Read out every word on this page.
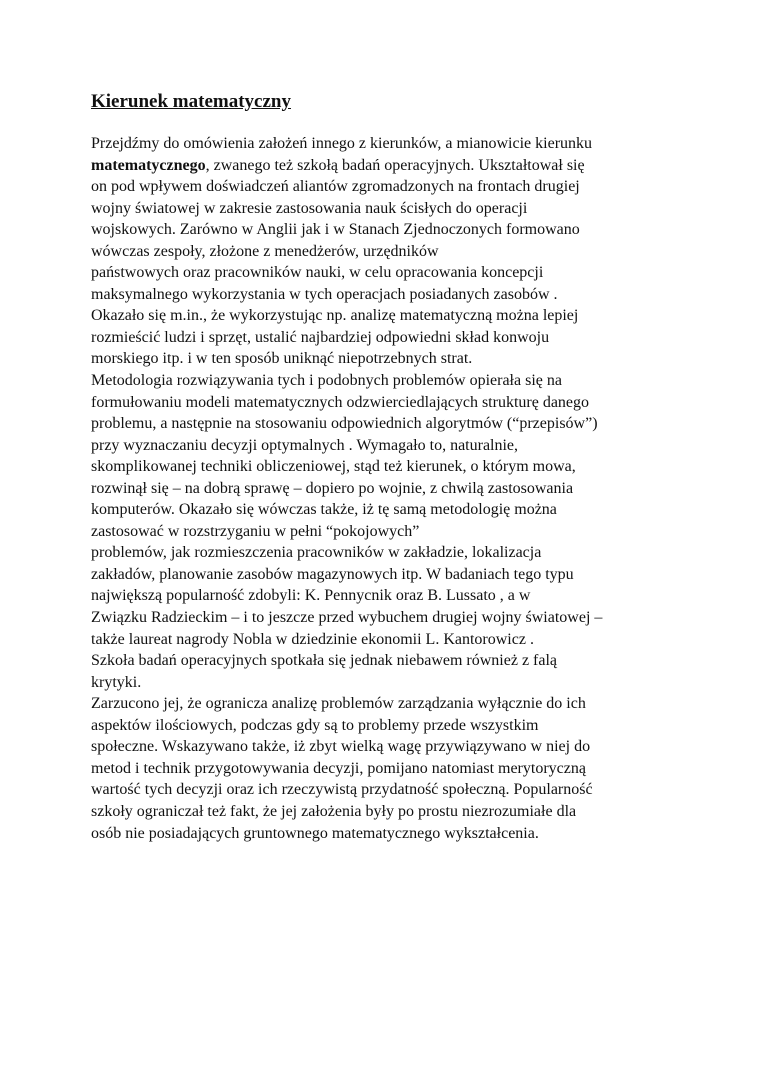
Kierunek matematyczny
Przejdźmy do omówienia założeń innego z kierunków, a mianowicie kierunku
matematycznego, zwanego też szkołą badań operacyjnych. Ukształtował się
on pod wpływem doświadczeń aliantów zgromadzonych na frontach drugiej
wojny światowej w zakresie zastosowania nauk ścisłych do operacji
wojskowych. Zarówno w Anglii jak i w Stanach Zjednoczonych formowano
wówczas zespoły, złożone z menedżerów, urzędników
państwowych oraz pracowników nauki, w celu opracowania koncepcji
maksymalnego wykorzystania w tych operacjach posiadanych zasobów .
Okazało się m.in., że wykorzystując np. analizę matematyczną można lepiej
rozmieścić ludzi i sprzęt, ustalić najbardziej odpowiedni skład konwoju
morskiego itp. i w ten sposób uniknąć niepotrzebnych strat.
Metodologia rozwiązywania tych i podobnych problemów opierała się na
formułowaniu modeli matematycznych odzwierciedlających strukturę danego
problemu, a następnie na stosowaniu odpowiednich algorytmów (“przepisów”)
przy wyznaczaniu decyzji optymalnych . Wymagało to, naturalnie,
skomplikowanej techniki obliczeniowej, stąd też kierunek, o którym mowa,
rozwinął się – na dobrą sprawę – dopiero po wojnie, z chwilą zastosowania
komputerów. Okazało się wówczas także, iż tę samą metodologię można
zastosować w rozstrzyganiu w pełni “pokojowych”
problemów, jak rozmieszczenia pracowników w zakładzie, lokalizacja
zakładów, planowanie zasobów magazynowych itp. W badaniach tego typu
największą popularność zdobyli: K. Pennycnik oraz B. Lussato , a w
Związku Radzieckim – i to jeszcze przed wybuchem drugiej wojny światowej –
także laureat nagrody Nobla w dziedzinie ekonomii L. Kantorowicz .
Szkoła badań operacyjnych spotkała się jednak niebawem również z falą
krytyki.
Zarzucono jej, że ogranicza analizę problemów zarządzania wyłącznie do ich
aspektów ilościowych, podczas gdy są to problemy przede wszystkim
społeczne. Wskazywano także, iż zbyt wielką wagę przywiązywano w niej do
metod i technik przygotowywania decyzji, pomijano natomiast merytoryczną
wartość tych decyzji oraz ich rzeczywistą przydatność społeczną. Popularność
szkoły ograniczał też fakt, że jej założenia były po prostu niezrozumiałe dla
osób nie posiadających gruntownego matematycznego wykształcenia.
